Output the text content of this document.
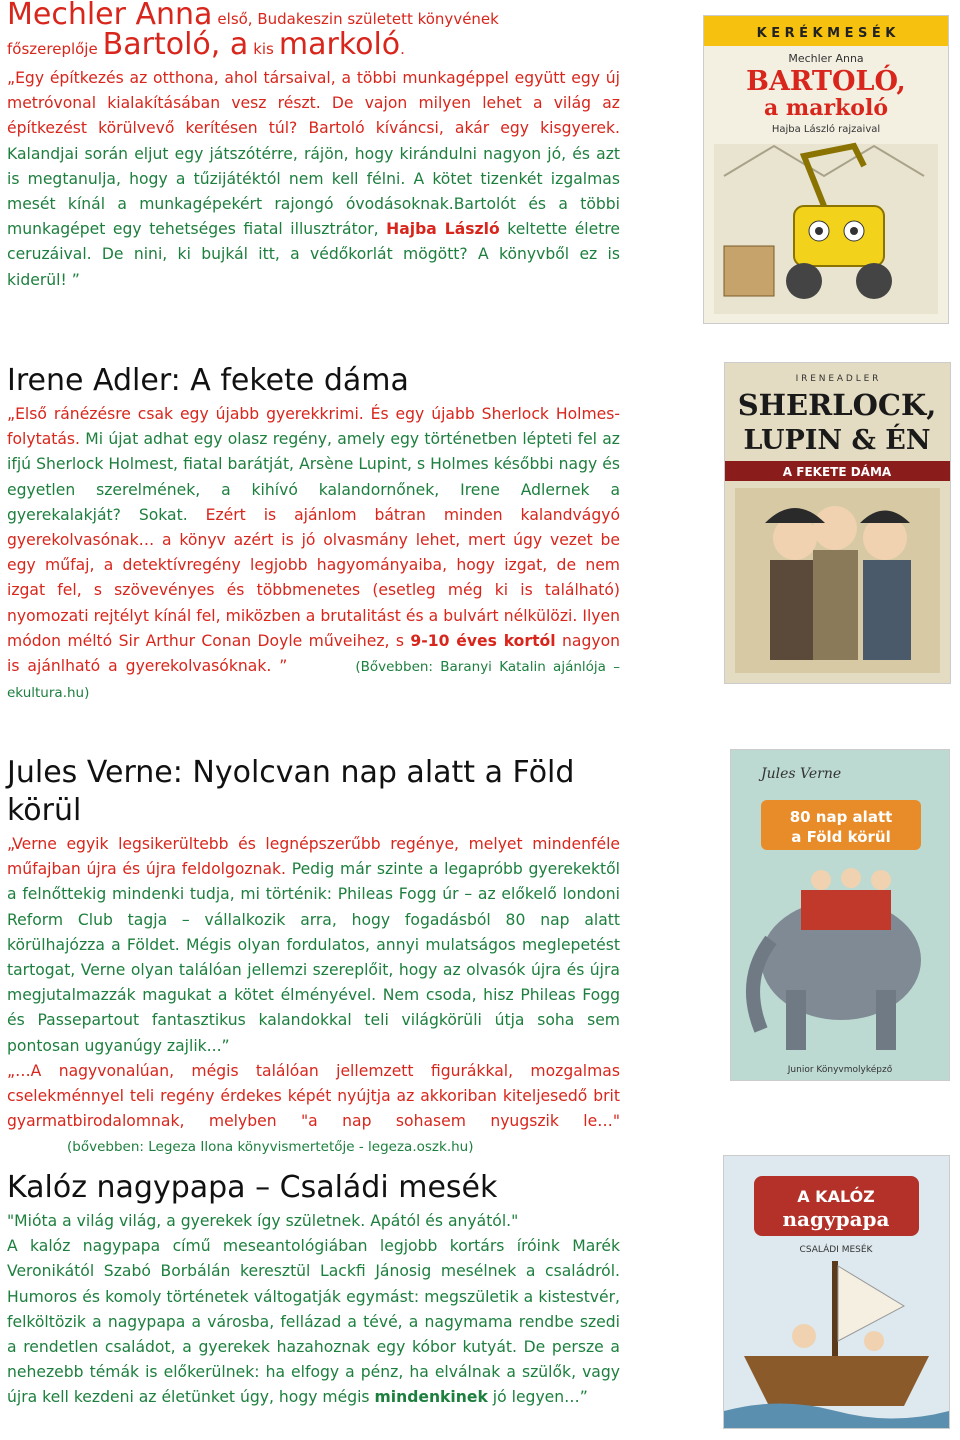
Mechler Anna első, Budakeszin született könyvének
főszereplője Bartoló, a kis markoló.

„Egy építkezés az otthona, ahol társaival, a többi munkagéppel együtt egy új metróvonal kialakításában vesz részt. De vajon milyen lehet a világ az építkezést körülvevő kerítésen túl? Bartoló kíváncsi, akár egy kisgyerek. Kalandjai során eljut egy játszótérre, rájön, hogy kirándulni nagyon jó, és azt is megtanulja, hogy a tűzijátéktól nem kell félni. A kötet tizenkét izgalmas mesét kínál a munkagépekért rajongó óvodásoknak.Bartolót és a többi munkagépet egy tehetséges fiatal illusztrátor, Hajba László keltette életre ceruzáival. De nini, ki bujkál itt, a védőkorlát mögött? A könyvből ez is kiderül! ”

K E R É K M E S É K
Mechler Anna
BARTOLÓ,
a markoló
Hajba László rajzaival
Irene Adler: A fekete dáma

„Első ránézésre csak egy újabb gyerekkrimi. És egy újabb Sherlock Holmes-folytatás. Mi újat adhat egy olasz regény, amely egy történetben lépteti fel az ifjú Sherlock Holmest, fiatal barátját, Arsène Lupint, s Holmes későbbi nagy és egyetlen szerelmének, a kihívó kalandornőnek, Irene Adlernek a gyerekalakját? Sokat. Ezért is ajánlom bátran minden kalandvágyó gyerekolvasónak… a könyv azért is jó olvasmány lehet, mert úgy vezet be egy műfaj, a detektívregény legjobb hagyományaiba, hogy izgat, de nem izgat fel, s szövevényes és többmenetes (esetleg még ki is található) nyomozati rejtélyt kínál fel, miközben a brutalitást és a bulvárt nélkülözi. Ilyen módon méltó Sir Arthur Conan Doyle műveihez, s 9-10 éves kortól nagyon is ajánlható a gyerekolvasóknak. ”	(Bővebben: Baranyi Katalin ajánlója – ekultura.hu)

I R E N E A D L E R
SHERLOCK,
LUPIN & ÉN
A FEKETE DÁMA
Jules Verne: Nyolcvan nap alatt a Föld körül

„Verne egyik legsikerültebb és legnépszerűbb regénye, melyet mindenféle műfajban újra és újra feldolgoznak. Pedig már szinte a legapróbb gyerekektől a felnőttekig mindenki tudja, mi történik: Phileas Fogg úr – az előkelő londoni Reform Club tagja – vállalkozik arra, hogy fogadásból 80 nap alatt körülhajózza a Földet. Mégis olyan fordulatos, annyi mulatságos meglepetést tartogat, Verne olyan találóan jellemzi szereplőit, hogy az olvasók újra és újra megjutalmazzák magukat a kötet élményével. Nem csoda, hisz Phileas Fogg és Passepartout fantasztikus kalandokkal teli világkörüli útja soha sem pontosan ugyanúgy zajlik...”

„…A nagyvonalúan, mégis találóan jellemzett figurákkal, mozgalmas cselekménnyel teli regény érdekes képét nyújtja az akkoriban kiteljesedő brit gyarmatbirodalomnak, melyben "a nap sohasem nyugszik le…" (bővebben: Legeza Ilona könyvismertetője - legeza.oszk.hu)

Jules Verne
80 nap alatt
a Föld körül
Junior Könyvmolyképző
Kalóz nagypapa – Családi mesék

"Mióta a világ világ, a gyerekek így születnek. Apától és anyától."

A kalóz nagypapa című meseantológiában legjobb kortárs íróink Marék Veronikától Szabó Borbálán keresztül Lackfi Jánosig mesélnek a családról. Humoros és komoly történetek váltogatják egymást: megszületik a kistestvér, felköltözik a nagypapa a városba, fellázad a tévé, a nagymama rendbe szedi a rendetlen családot, a gyerekek hazahoznak egy kóbor kutyát. De persze a nehezebb témák is előkerülnek: ha elfogy a pénz, ha elválnak a szülők, vagy újra kell kezdeni az életünket úgy, hogy mégis mindenkinek jó legyen…”

A KALÓZ
nagypapa
CSALÁDI MESÉK
